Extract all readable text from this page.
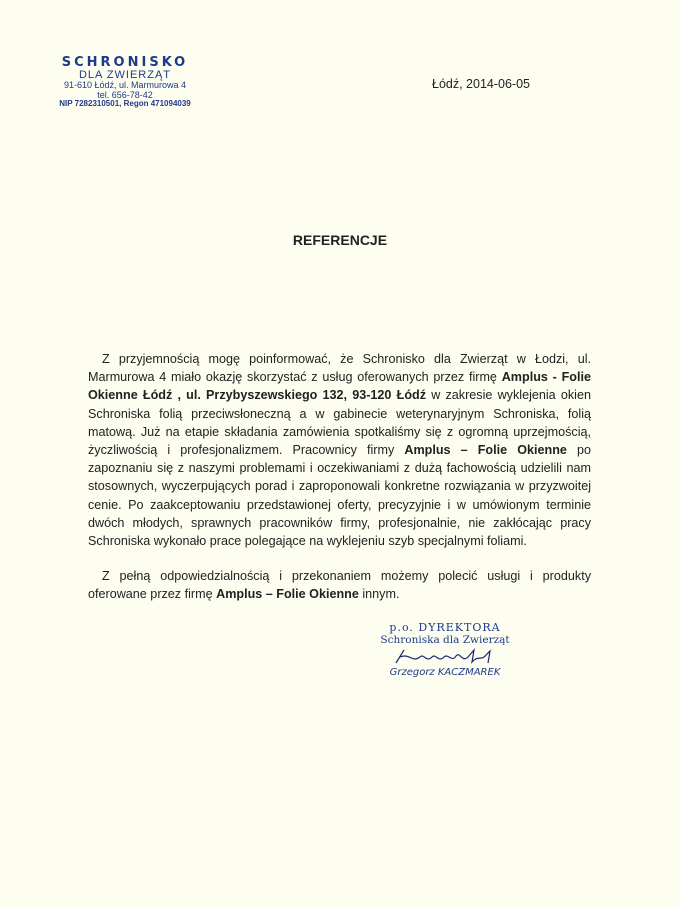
SCHRONISKO
DLA ZWIERZĄT
91-610 Łódź, ul. Marmurowa 4
tel. 656-78-42
NIP 7282310501, Regon 471094039
Łódź, 2014-06-05
REFERENCJE

Z przyjemnością mogę poinformować, że Schronisko dla Zwierząt w Łodzi, ul. Marmurowa 4 miało okazję skorzystać z usług oferowanych przez firmę Amplus - Folie Okienne Łódź , ul. Przybyszewskiego 132, 93-120 Łódź w zakresie wyklejenia okien Schroniska folią przeciwsłoneczną a w gabinecie weterynaryjnym Schroniska, folią matową. Już na etapie składania zamówienia spotkaliśmy się z ogromną uprzejmością, życzliwością i profesjonalizmem. Pracownicy firmy Amplus – Folie Okienne po zapoznaniu się z naszymi problemami i oczekiwaniami z dużą fachowością udzielili nam stosownych, wyczerpujących porad i zaproponowali konkretne rozwiązania w przyzwoitej cenie. Po zaakceptowaniu przedstawionej oferty, precyzyjnie i w umówionym terminie dwóch młodych, sprawnych pracowników firmy, profesjonalnie, nie zakłócając pracy Schroniska wykonało prace polegające na wyklejeniu szyb specjalnymi foliami.

Z pełną odpowiedzialnością i przekonaniem możemy polecić usługi i produkty oferowane przez firmę Amplus – Folie Okienne innym.

p.o. DYREKTORA
Schroniska dla Zwierząt
Grzegorz KACZMAREK
